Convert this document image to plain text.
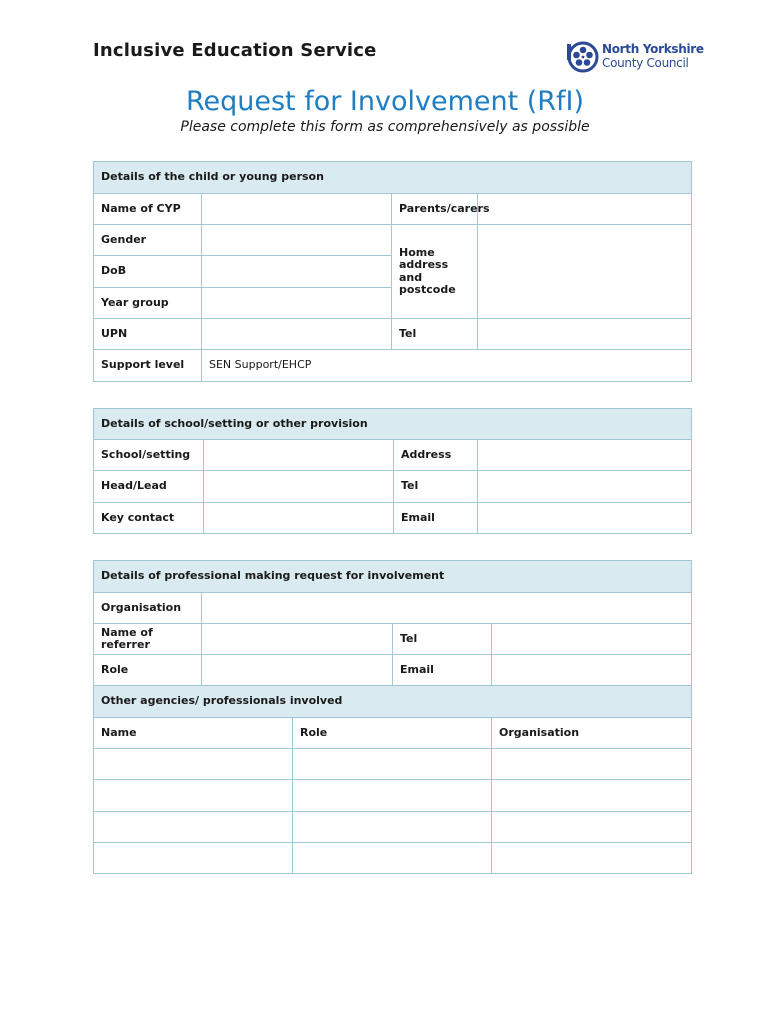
Inclusive Education Service	North Yorkshire
County Council
Request for Involvement (RfI)
Please complete this form as comprehensively as possible
Details of the child or young person			
Name of CYP		Parents/carers	
Gender		Home address and postcode	
DoB			
Year group			
UPN		Tel	
Support level	SEN Support/EHCP		
Details of school/setting or other provision			
School/setting		Address	
Head/Lead		Tel	
Key contact		Email	
Details of professional making request for involvement				
Organisation				
Name of referrer			Tel	
Role			Email	
Other agencies/ professionals involved				
Name		Role		Organisation
